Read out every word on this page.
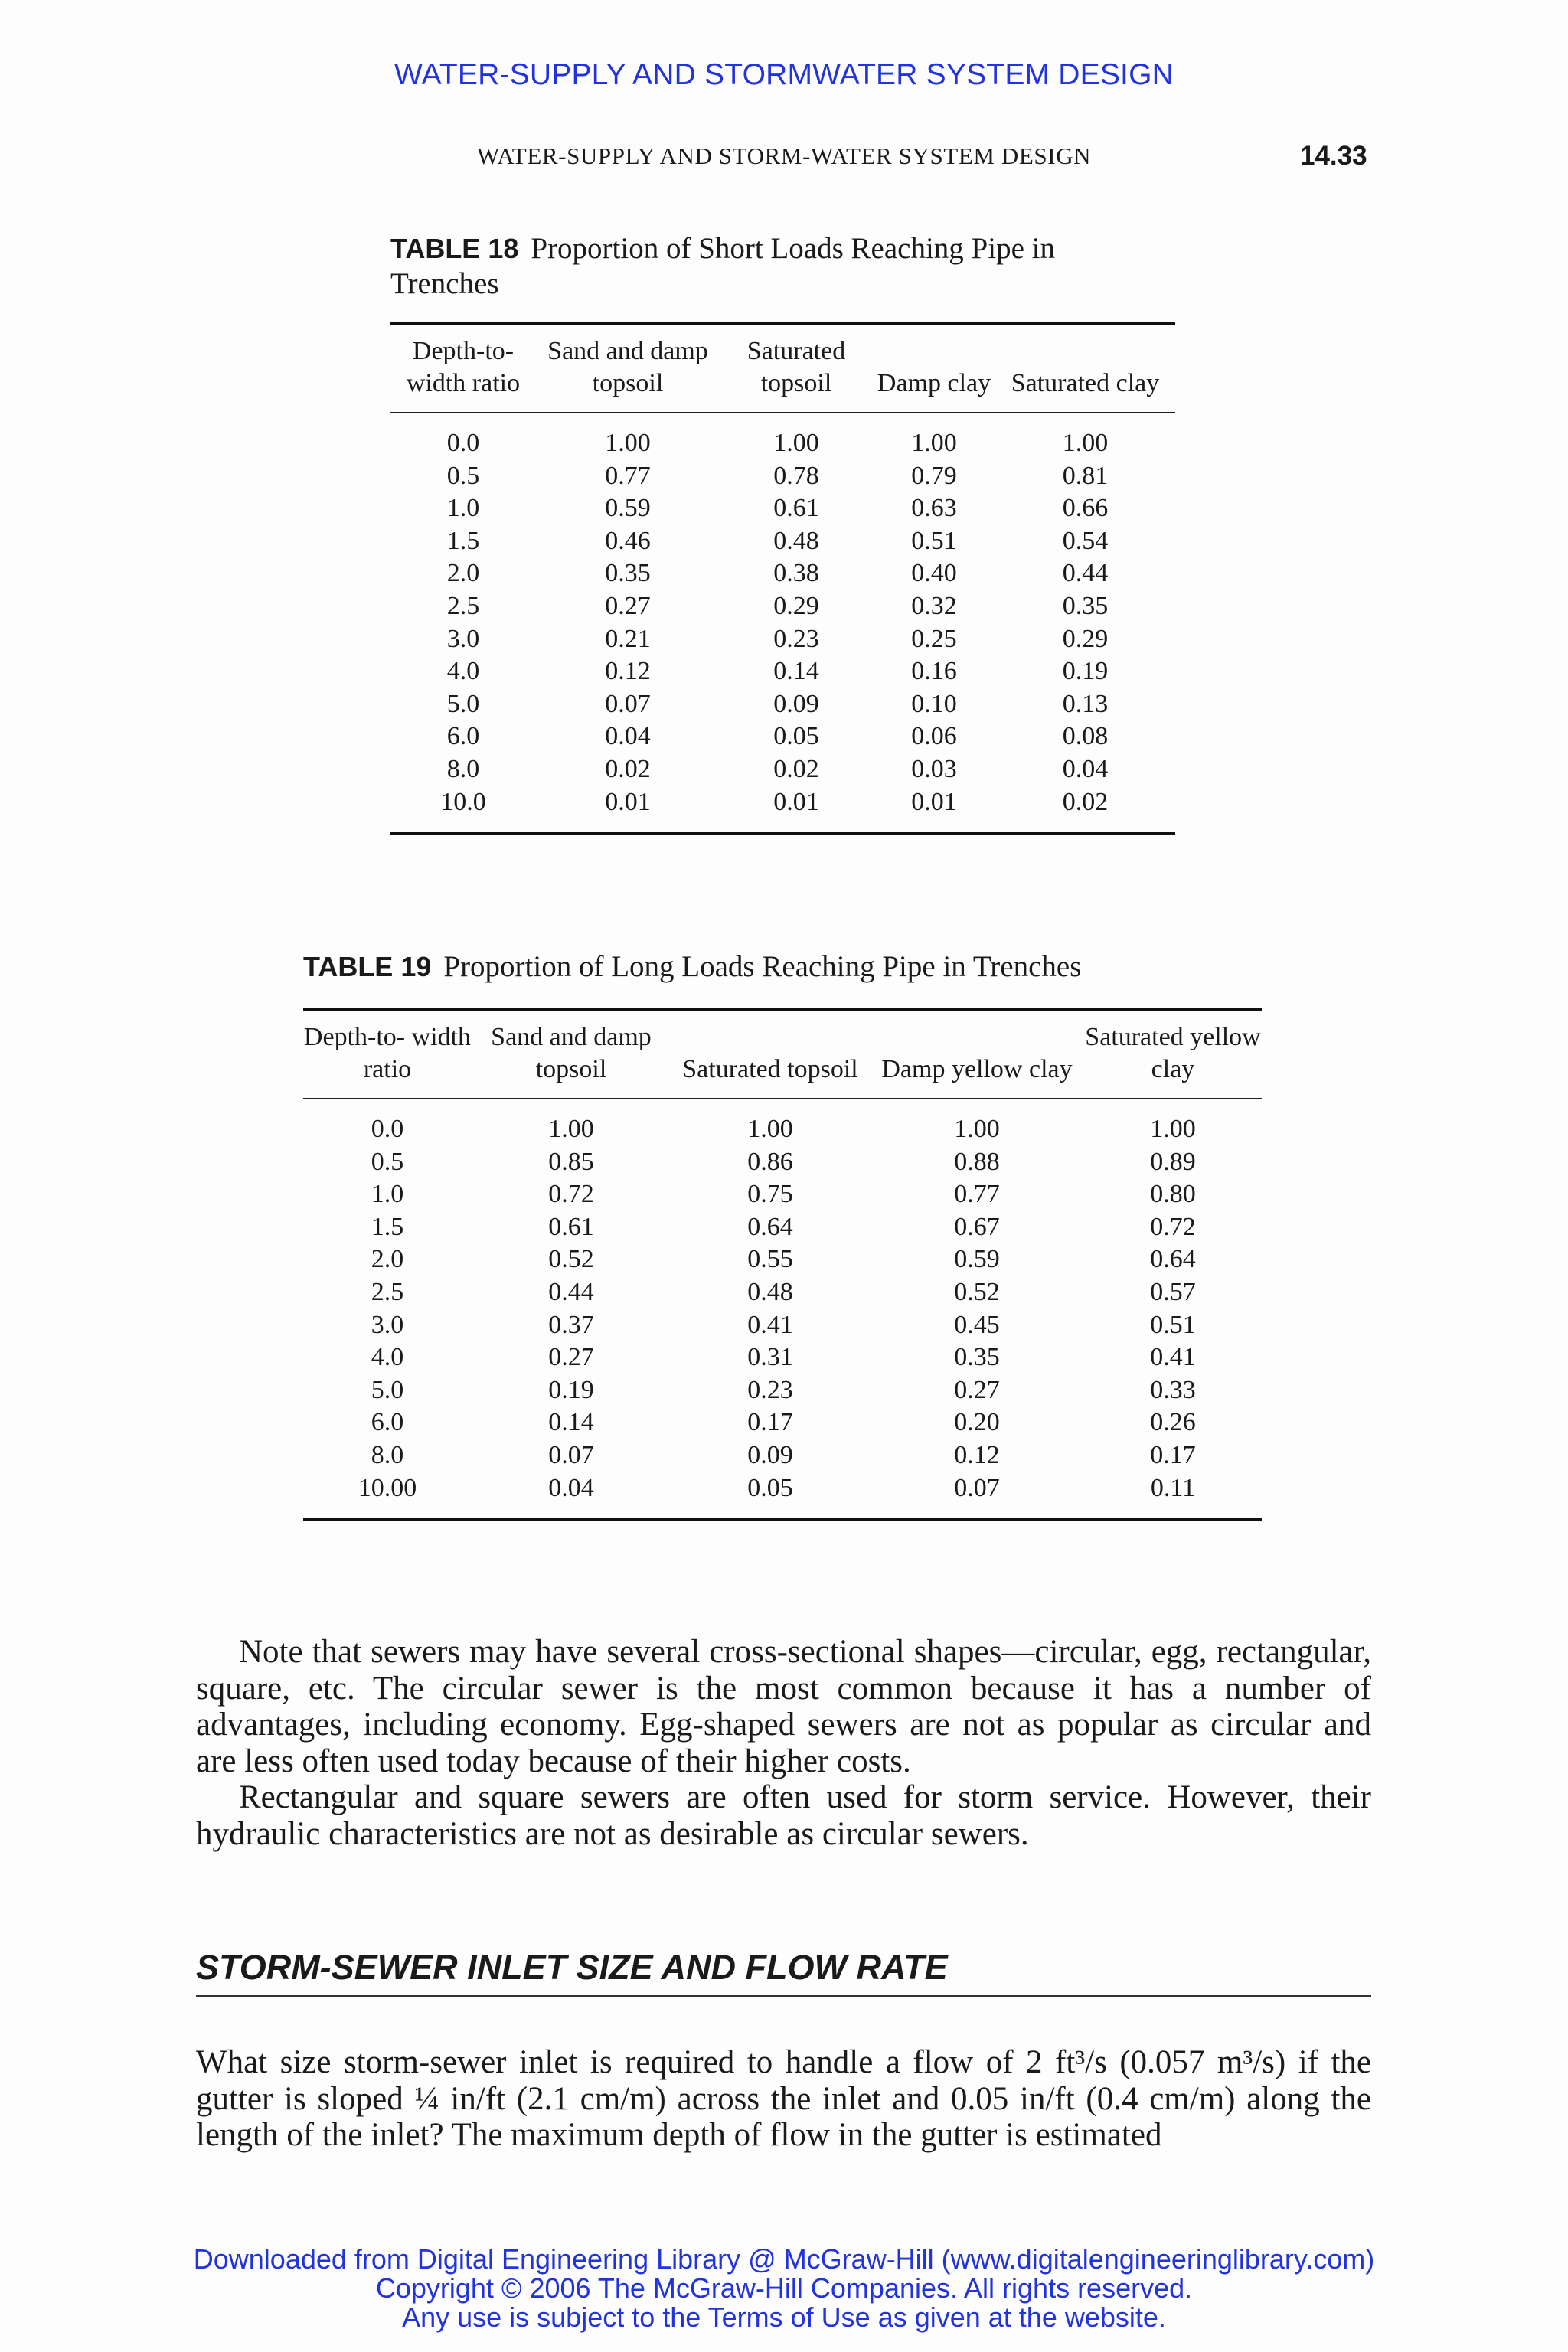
WATER-SUPPLY AND STORMWATER SYSTEM DESIGN
WATER-SUPPLY AND STORM-WATER SYSTEM DESIGN	14.33
TABLE 18 Proportion of Short Loads Reaching Pipe in Trenches
Depth-to- width ratio	Sand and damp topsoil	Saturated topsoil	Damp clay	Saturated clay
0.0	1.00	1.00	1.00	1.00
0.5	0.77	0.78	0.79	0.81
1.0	0.59	0.61	0.63	0.66
1.5	0.46	0.48	0.51	0.54
2.0	0.35	0.38	0.40	0.44
2.5	0.27	0.29	0.32	0.35
3.0	0.21	0.23	0.25	0.29
4.0	0.12	0.14	0.16	0.19
5.0	0.07	0.09	0.10	0.13
6.0	0.04	0.05	0.06	0.08
8.0	0.02	0.02	0.03	0.04
10.0	0.01	0.01	0.01	0.02
TABLE 19 Proportion of Long Loads Reaching Pipe in Trenches
Depth-to- width ratio	Sand and damp topsoil	Saturated topsoil	Damp yellow clay	Saturated yellow clay
0.0	1.00	1.00	1.00	1.00
0.5	0.85	0.86	0.88	0.89
1.0	0.72	0.75	0.77	0.80
1.5	0.61	0.64	0.67	0.72
2.0	0.52	0.55	0.59	0.64
2.5	0.44	0.48	0.52	0.57
3.0	0.37	0.41	0.45	0.51
4.0	0.27	0.31	0.35	0.41
5.0	0.19	0.23	0.27	0.33
6.0	0.14	0.17	0.20	0.26
8.0	0.07	0.09	0.12	0.17
10.00	0.04	0.05	0.07	0.11

Note that sewers may have several cross-sectional shapes—circular, egg, rectangular, square, etc. The circular sewer is the most common because it has a number of advantages, including economy. Egg-shaped sewers are not as popular as circular and are less often used today because of their higher costs.

Rectangular and square sewers are often used for storm service. However, their hydraulic characteristics are not as desirable as circular sewers.

STORM-SEWER INLET SIZE AND FLOW RATE
What size storm-sewer inlet is required to handle a flow of 2 ft³/s (0.057 m³/s) if the gutter is sloped ¼ in/ft (2.1 cm/m) across the inlet and 0.05 in/ft (0.4 cm/m) along the length of the inlet? The maximum depth of flow in the gutter is estimated
Downloaded from Digital Engineering Library @ McGraw-Hill (www.digitalengineeringlibrary.com)
Copyright © 2006 The McGraw-Hill Companies. All rights reserved.
Any use is subject to the Terms of Use as given at the website.
